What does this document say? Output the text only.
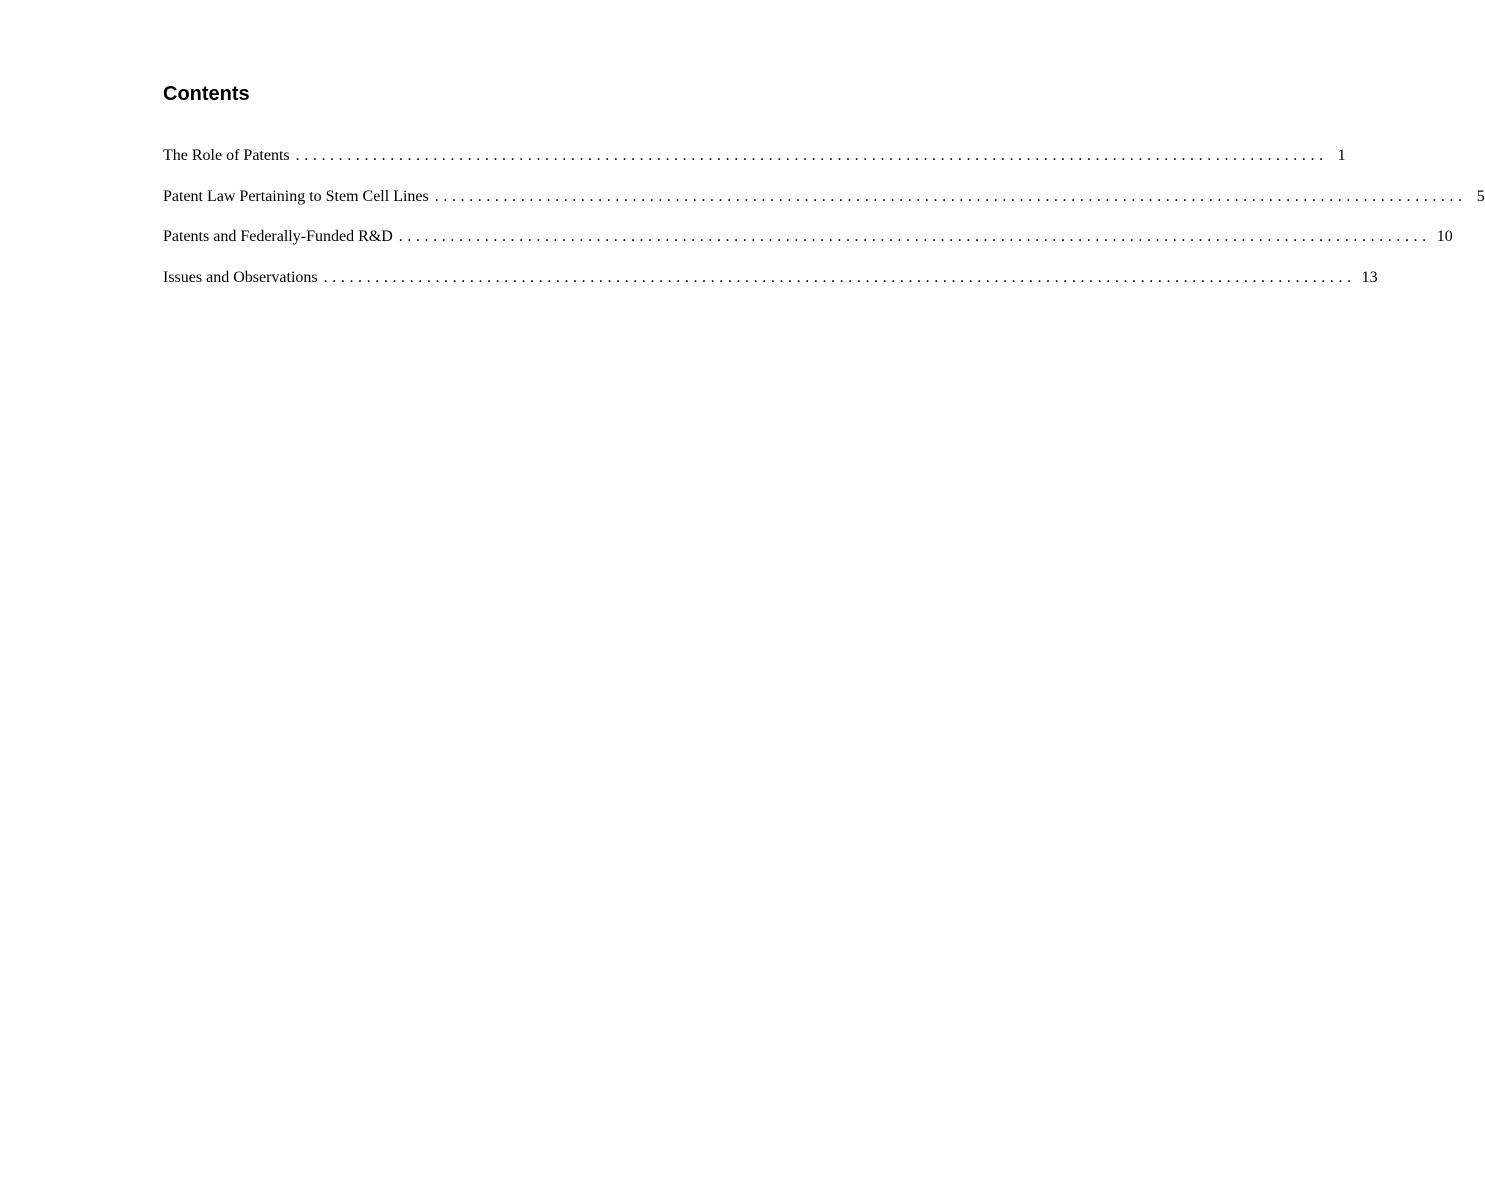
Contents
The Role of Patents ........................................................................................................................ 1
Patent Law Pertaining to Stem Cell Lines ........................................................................................................................ 5
Patents and Federally-Funded R&D ........................................................................................................................ 10
Issues and Observations ........................................................................................................................ 13
